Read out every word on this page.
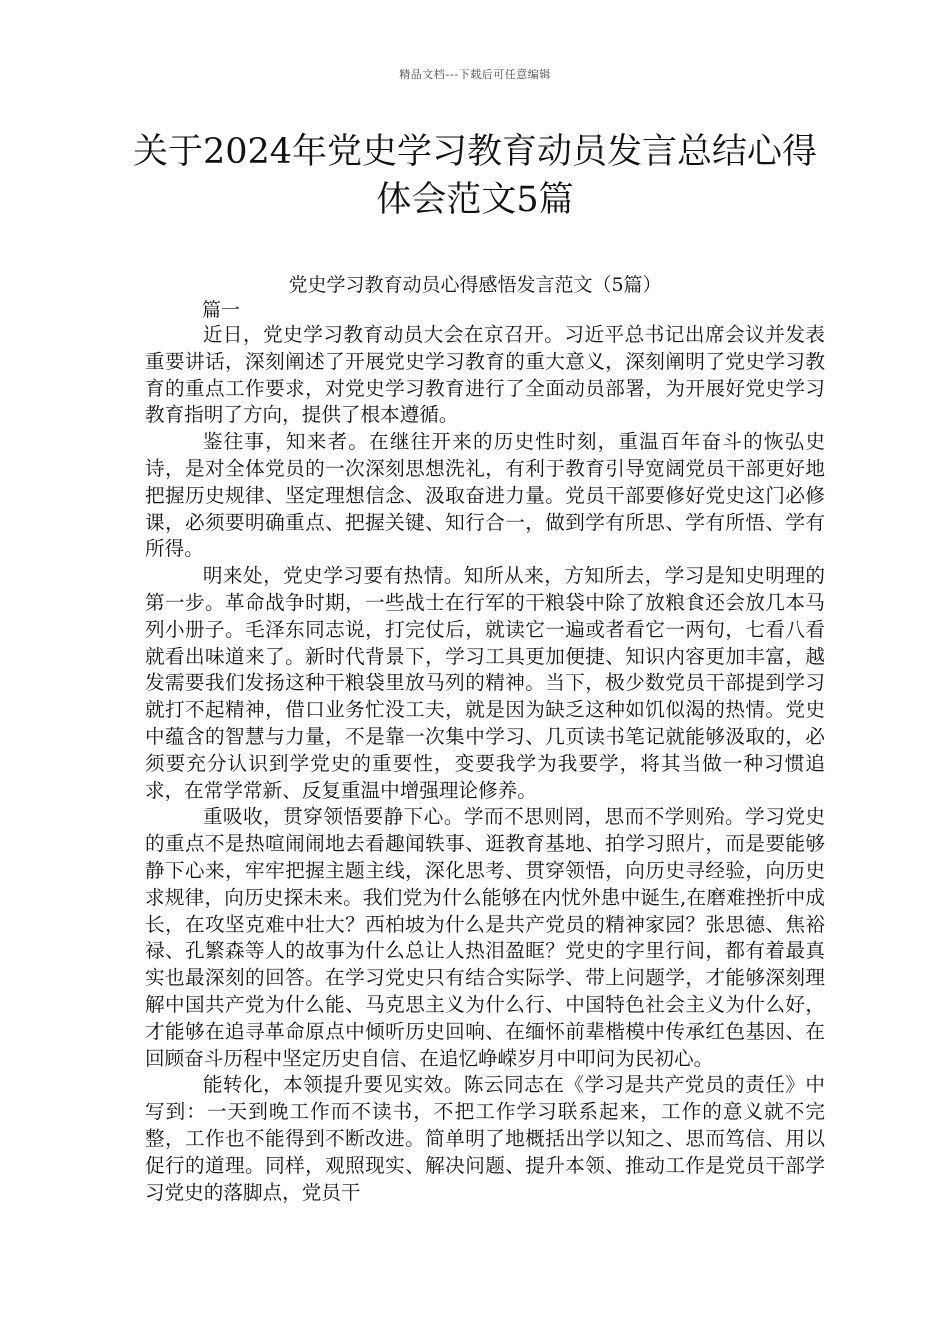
精品文档---下载后可任意编辑
关于2024年党史学习教育动员发言总结心得体会范文5篇
党史学习教育动员心得感悟发言范文（5篇）
篇一

近日，党史学习教育动员大会在京召开。习近平总书记出席会议并发表重要讲话，深刻阐述了开展党史学习教育的重大意义，深刻阐明了党史学习教育的重点工作要求，对党史学习教育进行了全面动员部署，为开展好党史学习教育指明了方向，提供了根本遵循。

鉴往事，知来者。在继往开来的历史性时刻，重温百年奋斗的恢弘史诗，是对全体党员的一次深刻思想洗礼，有利于教育引导宽阔党员干部更好地把握历史规律、坚定理想信念、汲取奋进力量。党员干部要修好党史这门必修课，必须要明确重点、把握关键、知行合一，做到学有所思、学有所悟、学有所得。

明来处，党史学习要有热情。知所从来，方知所去，学习是知史明理的第一步。革命战争时期，一些战士在行军的干粮袋中除了放粮食还会放几本马列小册子。毛泽东同志说，打完仗后，就读它一遍或者看它一两句，七看八看就看出味道来了。新时代背景下，学习工具更加便捷、知识内容更加丰富，越发需要我们发扬这种干粮袋里放马列的精神。当下，极少数党员干部提到学习就打不起精神，借口业务忙没工夫，就是因为缺乏这种如饥似渴的热情。党史中蕴含的智慧与力量，不是靠一次集中学习、几页读书笔记就能够汲取的，必须要充分认识到学党史的重要性，变要我学为我要学，将其当做一种习惯追求，在常学常新、反复重温中增强理论修养。

重吸收，贯穿领悟要静下心。学而不思则罔，思而不学则殆。学习党史的重点不是热喧闹闹地去看趣闻轶事、逛教育基地、拍学习照片，而是要能够静下心来，牢牢把握主题主线，深化思考、贯穿领悟，向历史寻经验，向历史求规律，向历史探未来。我们党为什么能够在内忧外患中诞生,在磨难挫折中成长，在攻坚克难中壮大？西柏坡为什么是共产党员的精神家园？张思德、焦裕禄、孔繁森等人的故事为什么总让人热泪盈眶？党史的字里行间，都有着最真实也最深刻的回答。在学习党史只有结合实际学、带上问题学，才能够深刻理解中国共产党为什么能、马克思主义为什么行、中国特色社会主义为什么好，才能够在追寻革命原点中倾听历史回响、在缅怀前辈楷模中传承红色基因、在回顾奋斗历程中坚定历史自信、在追忆峥嵘岁月中叩问为民初心。

能转化，本领提升要见实效。陈云同志在《学习是共产党员的责任》中写到：一天到晚工作而不读书，不把工作学习联系起来，工作的意义就不完整，工作也不能得到不断改进。简单明了地概括出学以知之、思而笃信、用以促行的道理。同样，观照现实、解决问题、提升本领、推动工作是党员干部学习党史的落脚点，党员干
